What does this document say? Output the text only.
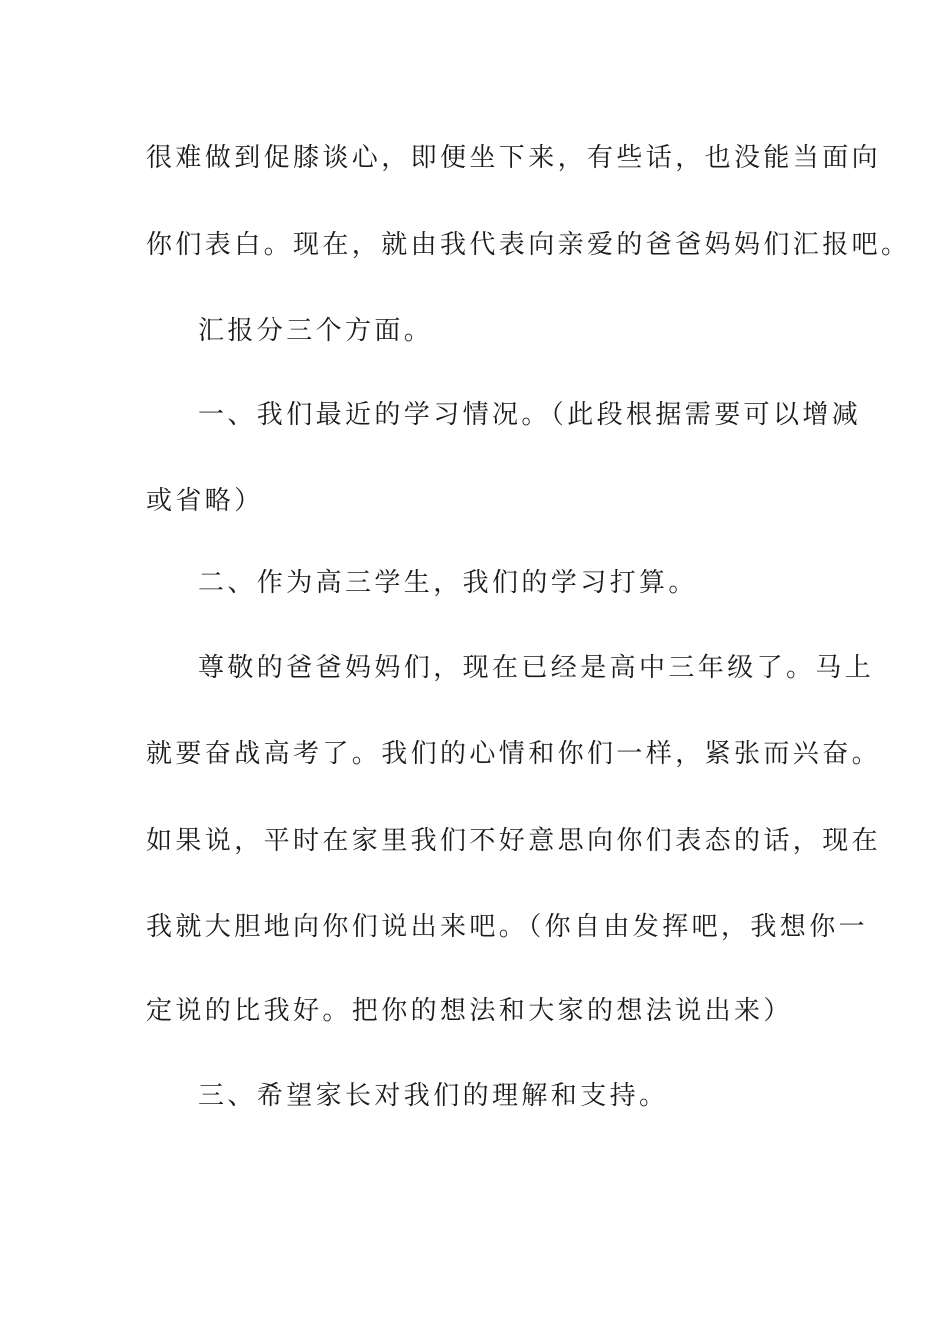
很难做到促膝谈心，即便坐下来，有些话，也没能当面向
你们表白。现在，就由我代表向亲爱的爸爸妈妈们汇报吧。
汇报分三个方面。
一、我们最近的学习情况。（此段根据需要可以增减
或省略）
二、作为高三学生，我们的学习打算。
尊敬的爸爸妈妈们，现在已经是高中三年级了。马上
就要奋战高考了。我们的心情和你们一样，紧张而兴奋。
如果说，平时在家里我们不好意思向你们表态的话，现在
我就大胆地向你们说出来吧。（你自由发挥吧，我想你一
定说的比我好。把你的想法和大家的想法说出来）
三、希望家长对我们的理解和支持。
